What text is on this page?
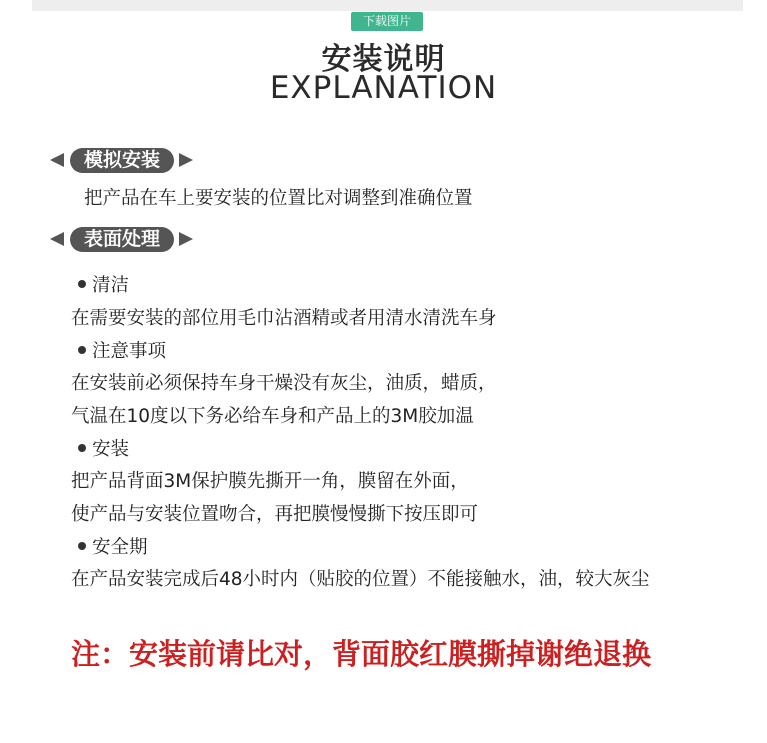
下载图片
安装说明
EXPLANATION
模拟安装
把产品在车上要安装的位置比对调整到准确位置
表面处理
清洁
在需要安装的部位用毛巾沾酒精或者用清水清洗车身
注意事项
在安装前必须保持车身干燥没有灰尘，油质，蜡质，
气温在10度以下务必给车身和产品上的3M胶加温
安装
把产品背面3M保护膜先撕开一角，膜留在外面，
使产品与安装位置吻合，再把膜慢慢撕下按压即可
安全期
在产品安装完成后48小时内（贴胶的位置）不能接触水，油，较大灰尘
注：安装前请比对，背面胶红膜撕掉谢绝退换
